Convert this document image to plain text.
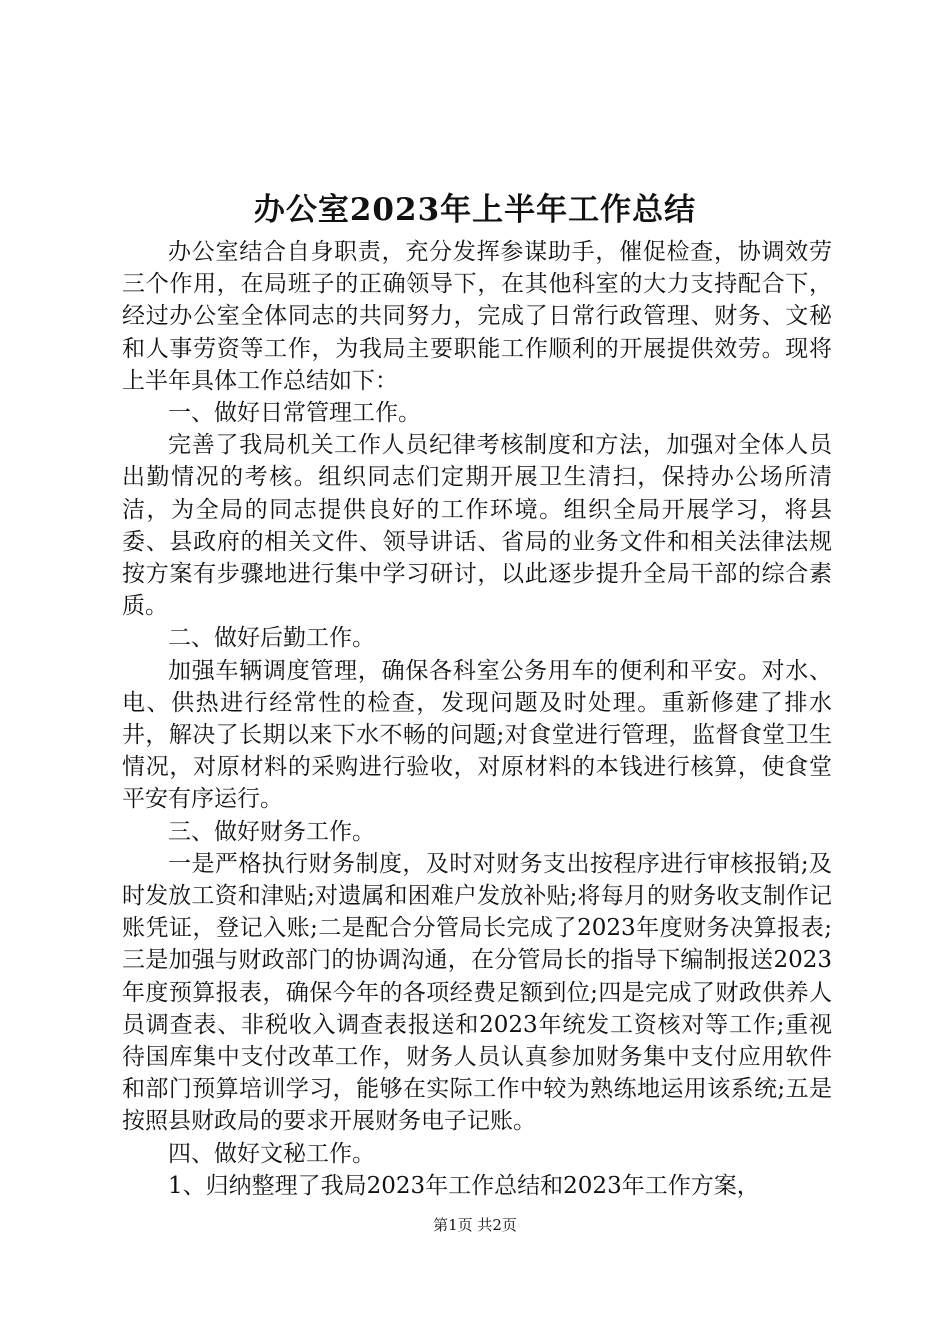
办公室2023年上半年工作总结

办公室结合自身职责，充分发挥参谋助手，催促检查，协调效劳三个作用，在局班子的正确领导下，在其他科室的大力支持配合下，经过办公室全体同志的共同努力，完成了日常行政管理、财务、文秘和人事劳资等工作，为我局主要职能工作顺利的开展提供效劳。现将上半年具体工作总结如下：

一、做好日常管理工作。

完善了我局机关工作人员纪律考核制度和方法，加强对全体人员出勤情况的考核。组织同志们定期开展卫生清扫，保持办公场所清洁，为全局的同志提供良好的工作环境。组织全局开展学习，将县委、县政府的相关文件、领导讲话、省局的业务文件和相关法律法规按方案有步骤地进行集中学习研讨，以此逐步提升全局干部的综合素质。

二、做好后勤工作。

加强车辆调度管理，确保各科室公务用车的便利和平安。对水、电、供热进行经常性的检查，发现问题及时处理。重新修建了排水井，解决了长期以来下水不畅的问题;对食堂进行管理，监督食堂卫生情况，对原材料的采购进行验收，对原材料的本钱进行核算，使食堂平安有序运行。

三、做好财务工作。

一是严格执行财务制度，及时对财务支出按程序进行审核报销;及时发放工资和津贴;对遗属和困难户发放补贴;将每月的财务收支制作记账凭证，登记入账;二是配合分管局长完成了2023年度财务决算报表;三是加强与财政部门的协调沟通，在分管局长的指导下编制报送2023年度预算报表，确保今年的各项经费足额到位;四是完成了财政供养人员调查表、非税收入调查表报送和2023年统发工资核对等工作;重视待国库集中支付改革工作，财务人员认真参加财务集中支付应用软件和部门预算培训学习，能够在实际工作中较为熟练地运用该系统;五是按照县财政局的要求开展财务电子记账。

四、做好文秘工作。

1、归纳整理了我局2023年工作总结和2023年工作方案，

第1页 共2页
